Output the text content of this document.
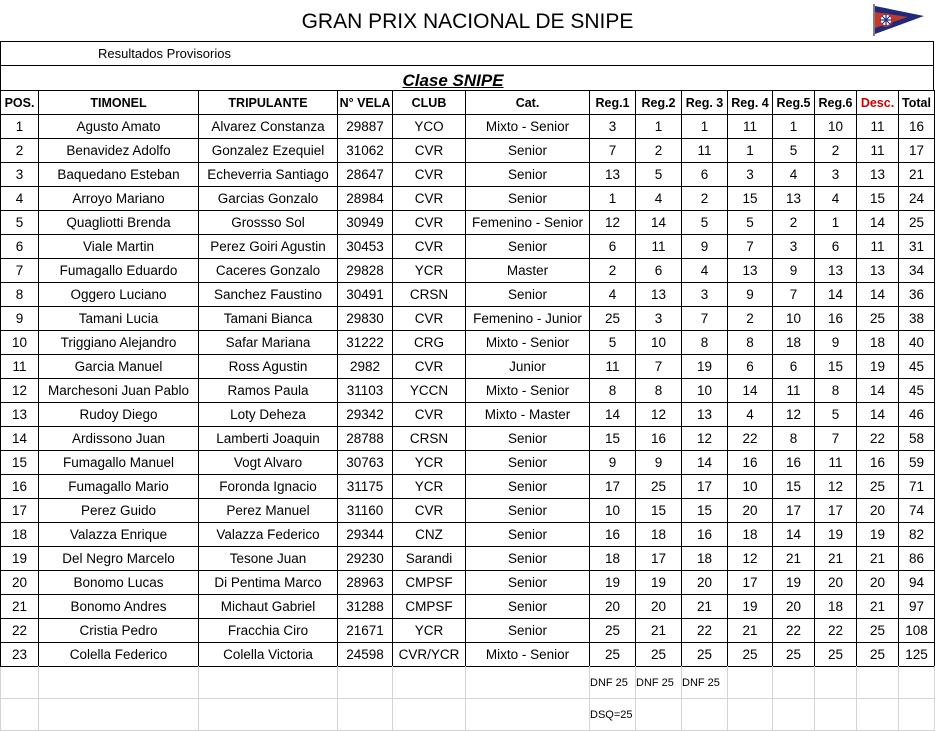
GRAN PRIX NACIONAL DE SNIPE
Resultados Provisorios
Clase SNIPE
POS.	TIMONEL	TRIPULANTE	N° VELA	CLUB	Cat.	Reg.1	Reg.2	Reg. 3	Reg. 4	Reg.5	Reg.6	Desc.	Total
1	Agusto Amato	Alvarez Constanza	29887	YCO	Mixto - Senior	3	1	1	11	1	10	11	16
2	Benavidez Adolfo	Gonzalez Ezequiel	31062	CVR	Senior	7	2	11	1	5	2	11	17
3	Baquedano Esteban	Echeverria Santiago	28647	CVR	Senior	13	5	6	3	4	3	13	21
4	Arroyo Mariano	Garcias Gonzalo	28984	CVR	Senior	1	4	2	15	13	4	15	24
5	Quagliotti Brenda	Grossso Sol	30949	CVR	Femenino - Senior	12	14	5	5	2	1	14	25
6	Viale Martin	Perez Goiri Agustin	30453	CVR	Senior	6	11	9	7	3	6	11	31
7	Fumagallo Eduardo	Caceres Gonzalo	29828	YCR	Master	2	6	4	13	9	13	13	34
8	Oggero Luciano	Sanchez Faustino	30491	CRSN	Senior	4	13	3	9	7	14	14	36
9	Tamani Lucia	Tamani Bianca	29830	CVR	Femenino - Junior	25	3	7	2	10	16	25	38
10	Triggiano Alejandro	Safar Mariana	31222	CRG	Mixto - Senior	5	10	8	8	18	9	18	40
11	Garcia Manuel	Ross Agustin	2982	CVR	Junior	11	7	19	6	6	15	19	45
12	Marchesoni Juan Pablo	Ramos Paula	31103	YCCN	Mixto - Senior	8	8	10	14	11	8	14	45
13	Rudoy Diego	Loty Deheza	29342	CVR	Mixto - Master	14	12	13	4	12	5	14	46
14	Ardissono Juan	Lamberti Joaquin	28788	CRSN	Senior	15	16	12	22	8	7	22	58
15	Fumagallo Manuel	Vogt Alvaro	30763	YCR	Senior	9	9	14	16	16	11	16	59
16	Fumagallo Mario	Foronda Ignacio	31175	YCR	Senior	17	25	17	10	15	12	25	71
17	Perez Guido	Perez Manuel	31160	CVR	Senior	10	15	15	20	17	17	20	74
18	Valazza Enrique	Valazza Federico	29344	CNZ	Senior	16	18	16	18	14	19	19	82
19	Del Negro Marcelo	Tesone Juan	29230	Sarandi	Senior	18	17	18	12	21	21	21	86
20	Bonomo Lucas	Di Pentima Marco	28963	CMPSF	Senior	19	19	20	17	19	20	20	94
21	Bonomo Andres	Michaut Gabriel	31288	CMPSF	Senior	20	20	21	19	20	18	21	97
22	Cristia Pedro	Fracchia Ciro	21671	YCR	Senior	25	21	22	21	22	22	25	108
23	Colella Federico	Colella Victoria	24598	CVR/YCR	Mixto - Senior	25	25	25	25	25	25	25	125
						DNF 25	DNF 25	DNF 25					
						DSQ=25							
